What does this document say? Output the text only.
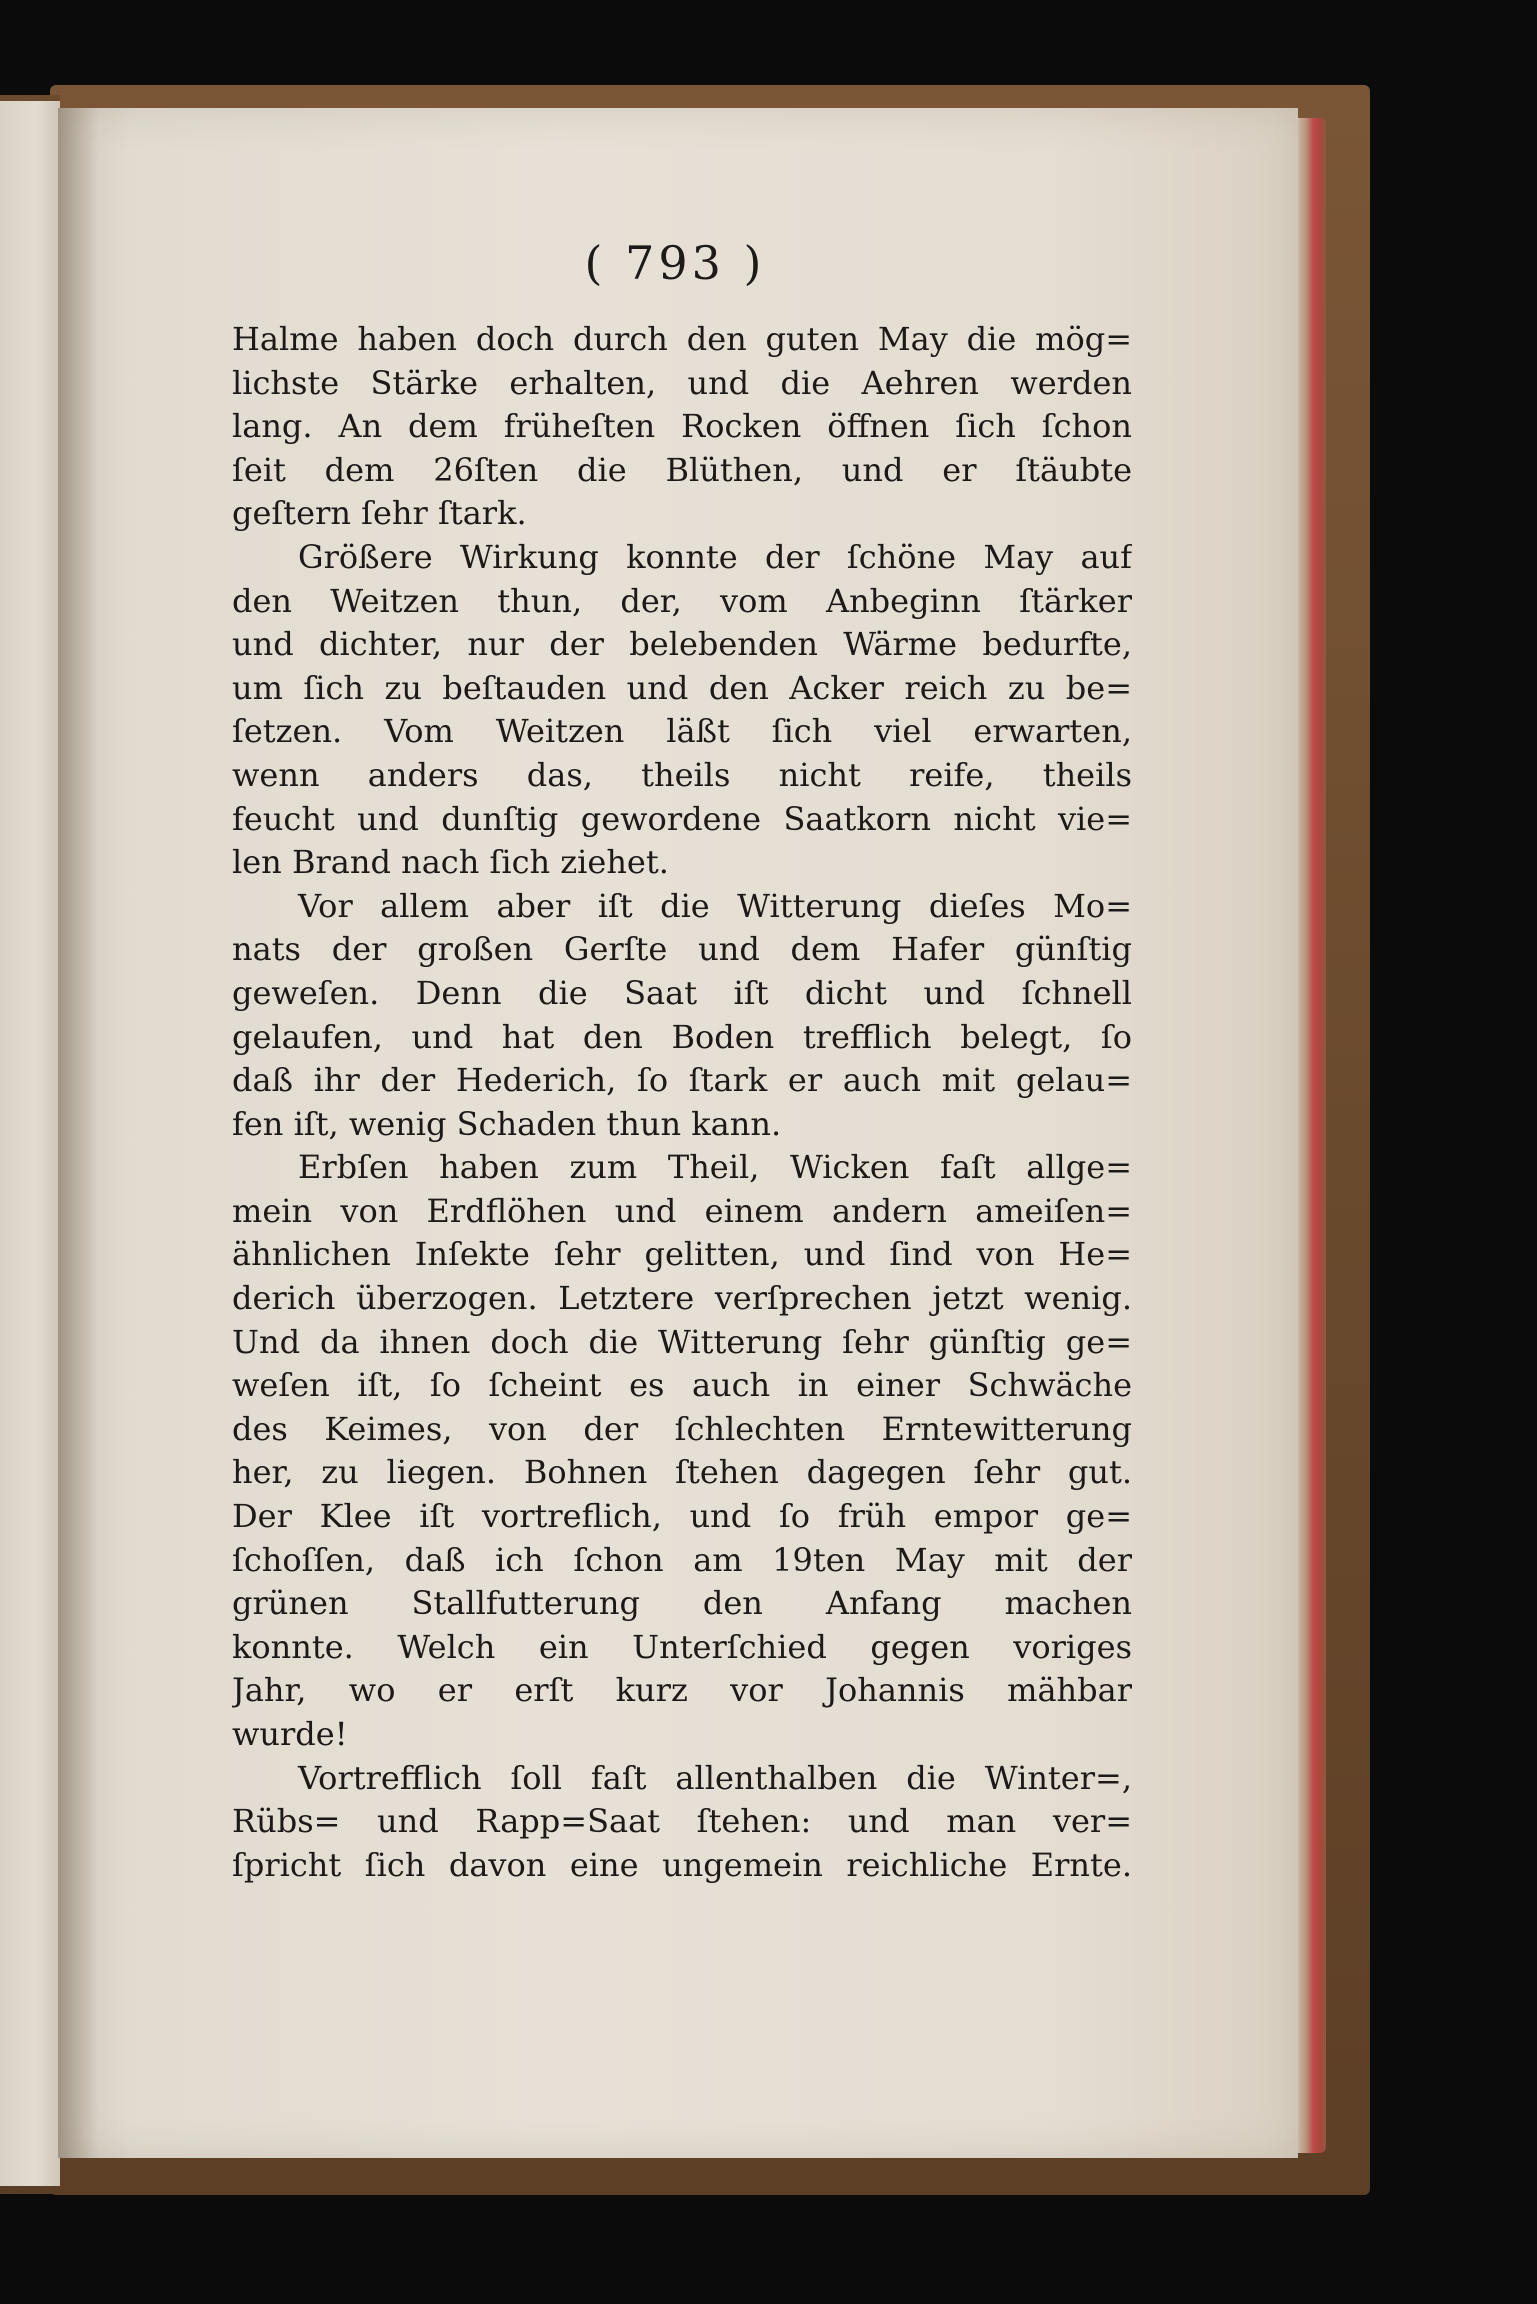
( 793 )
Halme haben doch durch den guten May die mög=
lichste Stärke erhalten, und die Aehren werden
lang. An dem früheſten Rocken öffnen ſich ſchon
ſeit dem 26ſten die Blüthen, und er ſtäubte
geſtern ſehr ſtark.
Größere Wirkung konnte der ſchöne May auf
den Weitzen thun, der, vom Anbeginn ſtärker
und dichter, nur der belebenden Wärme bedurfte,
um ſich zu beſtauden und den Acker reich zu be=
ſetzen. Vom Weitzen läßt ſich viel erwarten,
wenn anders das, theils nicht reife, theils
feucht und dunſtig gewordene Saatkorn nicht vie=
len Brand nach ſich ziehet.
Vor allem aber iſt die Witterung dieſes Mo=
nats der großen Gerſte und dem Hafer günſtig
geweſen. Denn die Saat iſt dicht und ſchnell
gelaufen, und hat den Boden trefflich belegt, ſo
daß ihr der Hederich, ſo ſtark er auch mit gelau=
fen iſt, wenig Schaden thun kann.
Erbſen haben zum Theil, Wicken faſt allge=
mein von Erdflöhen und einem andern ameiſen=
ähnlichen Inſekte ſehr gelitten, und ſind von He=
derich überzogen. Letztere verſprechen jetzt wenig.
Und da ihnen doch die Witterung ſehr günſtig ge=
weſen iſt, ſo ſcheint es auch in einer Schwäche
des Keimes, von der ſchlechten Erntewitterung
her, zu liegen. Bohnen ſtehen dagegen ſehr gut.
Der Klee iſt vortreflich, und ſo früh empor ge=
ſchoſſen, daß ich ſchon am 19ten May mit der
grünen Stallfutterung den Anfang machen
konnte. Welch ein Unterſchied gegen voriges
Jahr, wo er erſt kurz vor Johannis mähbar
wurde!
Vortrefflich ſoll faſt allenthalben die Winter=,
Rübs= und Rapp=Saat ſtehen: und man ver=
ſpricht ſich davon eine ungemein reichliche Ernte.
